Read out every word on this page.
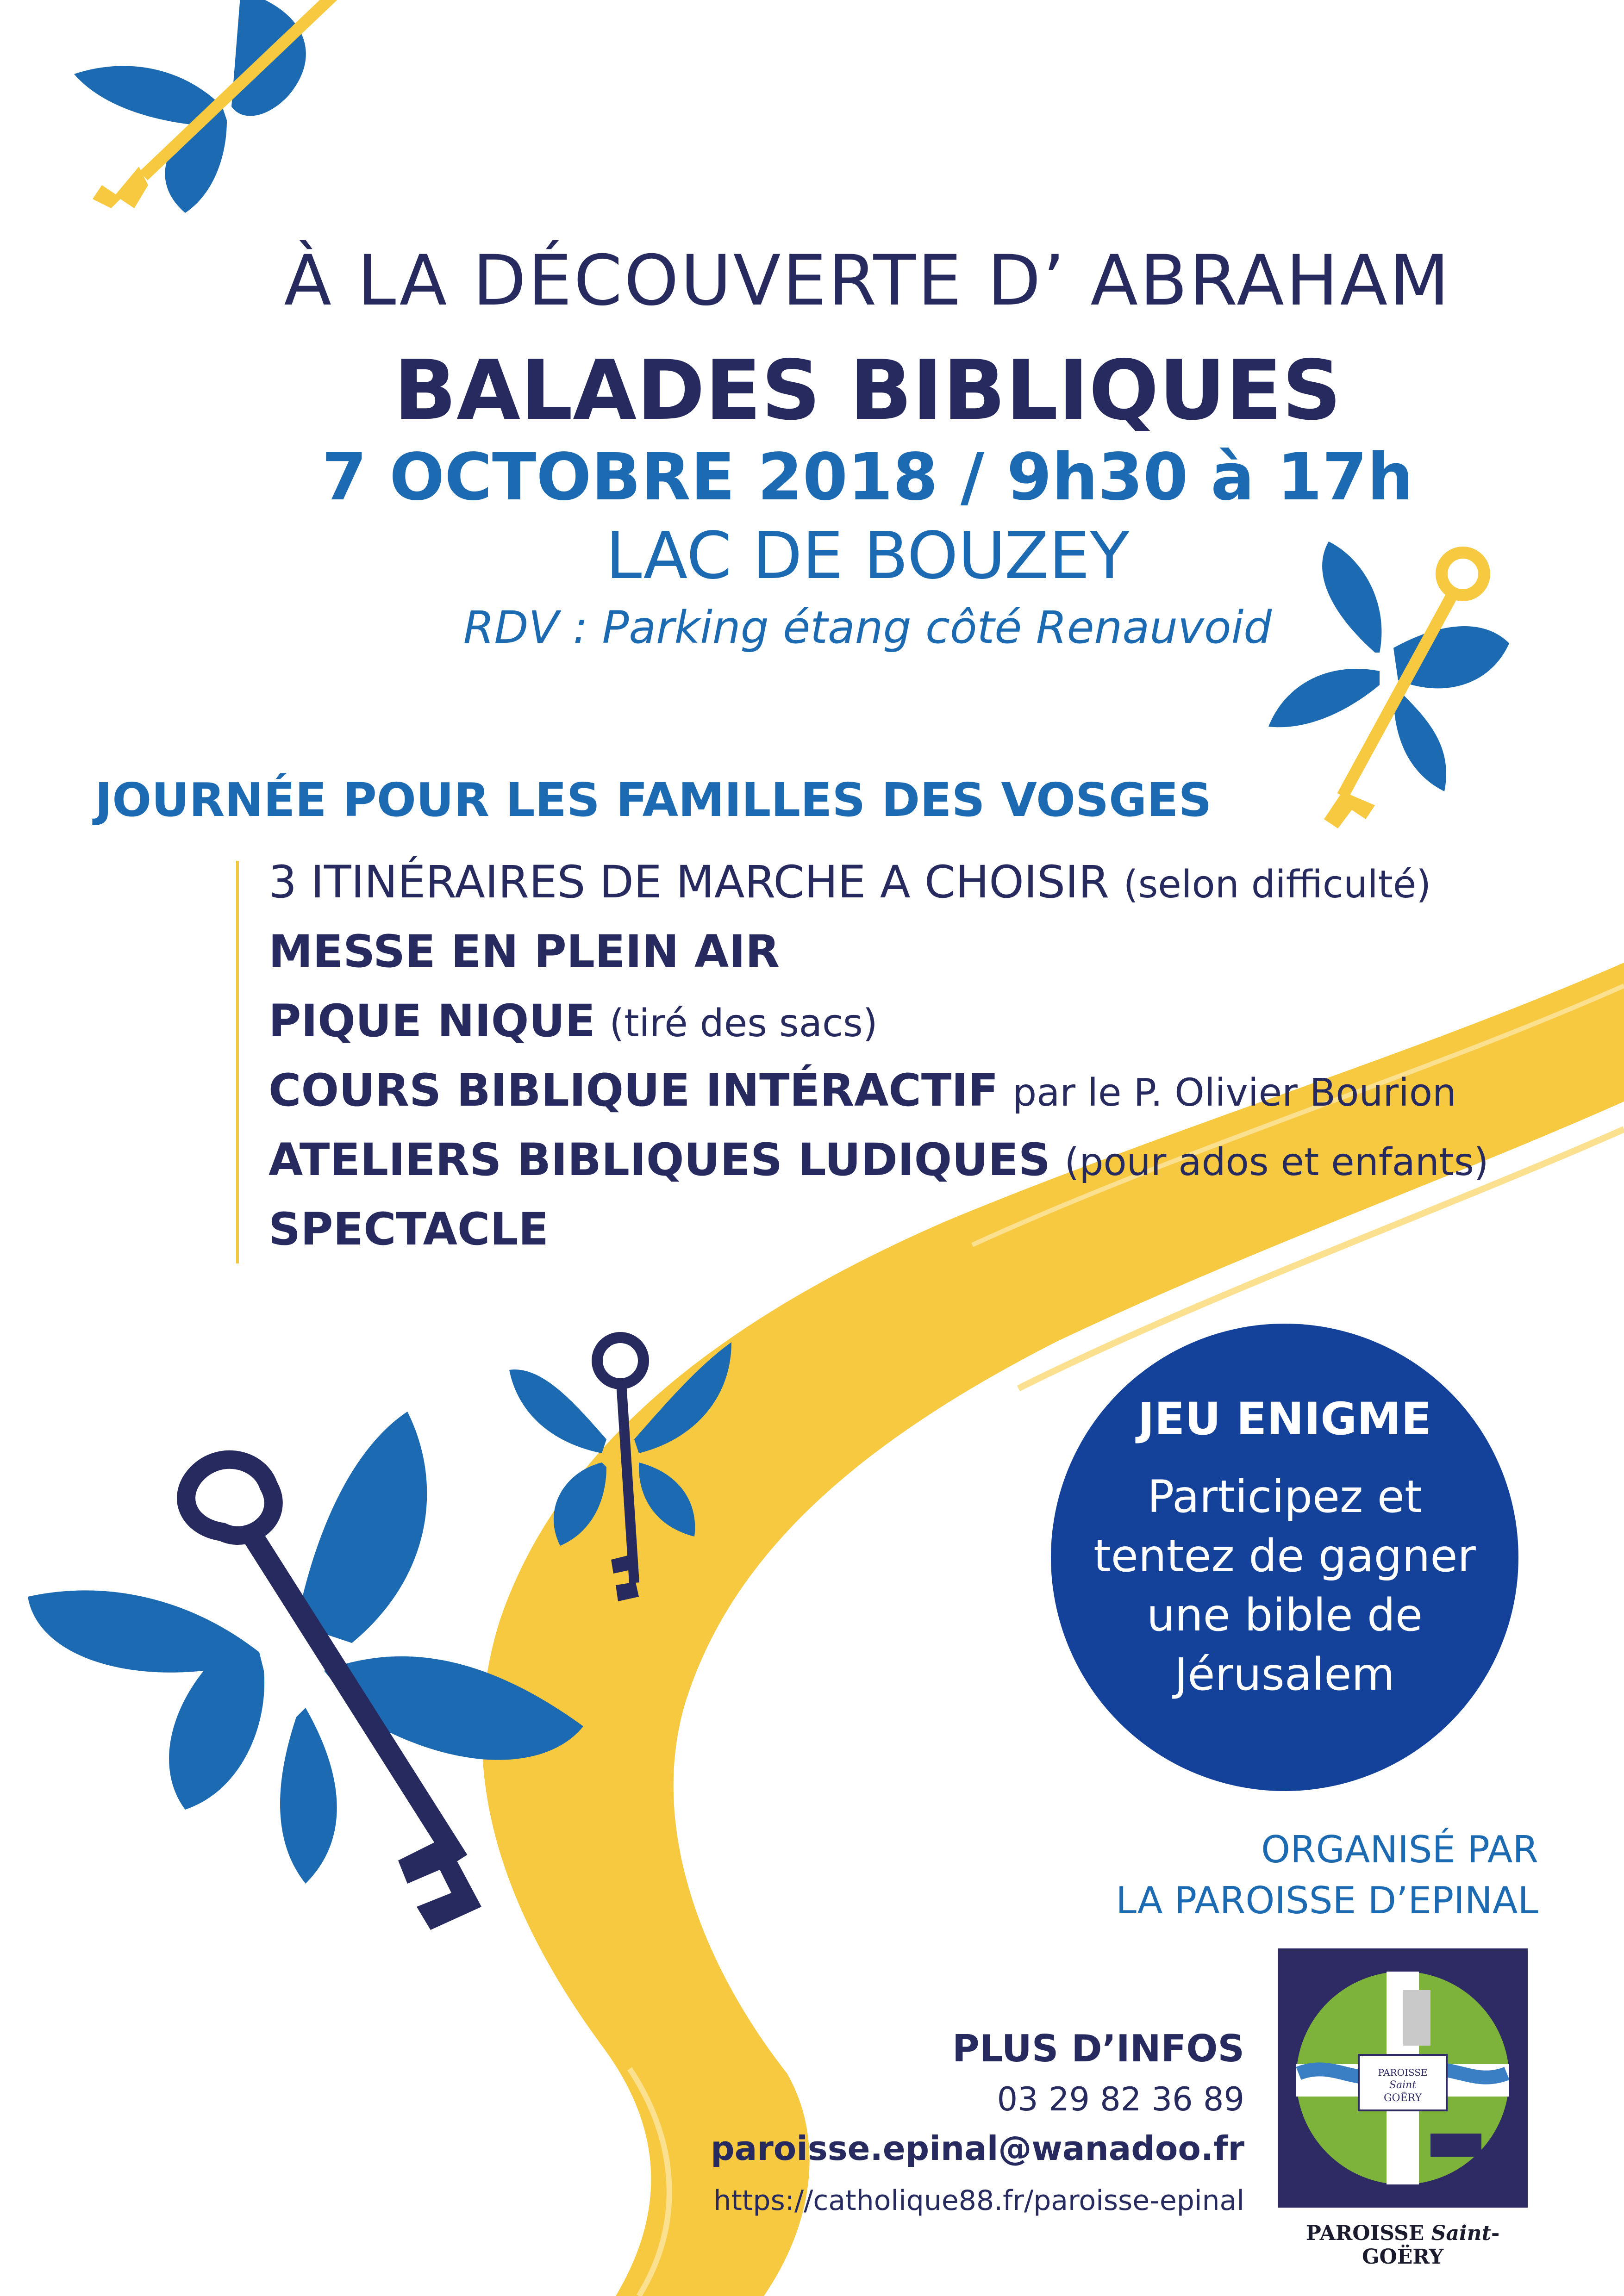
À LA DÉCOUVERTE D’ ABRAHAM
BALADES BIBLIQUES
7 OCTOBRE 2018 / 9h30 à 17h
LAC DE BOUZEY
RDV : Parking étang côté Renauvoid
JOURNÉE POUR LES FAMILLES DES VOSGES
3 ITINÉRAIRES DE MARCHE A CHOISIR (selon difficulté)
MESSE EN PLEIN AIR
PIQUE NIQUE (tiré des sacs)
COURS BIBLIQUE INTÉRACTIF par le P. Olivier Bourion
ATELIERS BIBLIQUES LUDIQUES (pour ados et enfants)
SPECTACLE
JEU ENIGME
Participez et tentez de gagner une bible de Jérusalem
ORGANISÉ PAR
LA PAROISSE D’EPINAL
PLUS D’INFOS
03 29 82 36 89
paroisse.epinal@wanadoo.fr
https://catholique88.fr/paroisse-epinal
PAROISSE
Saint
GOËRY
PAROISSE Saint-GOËRY
